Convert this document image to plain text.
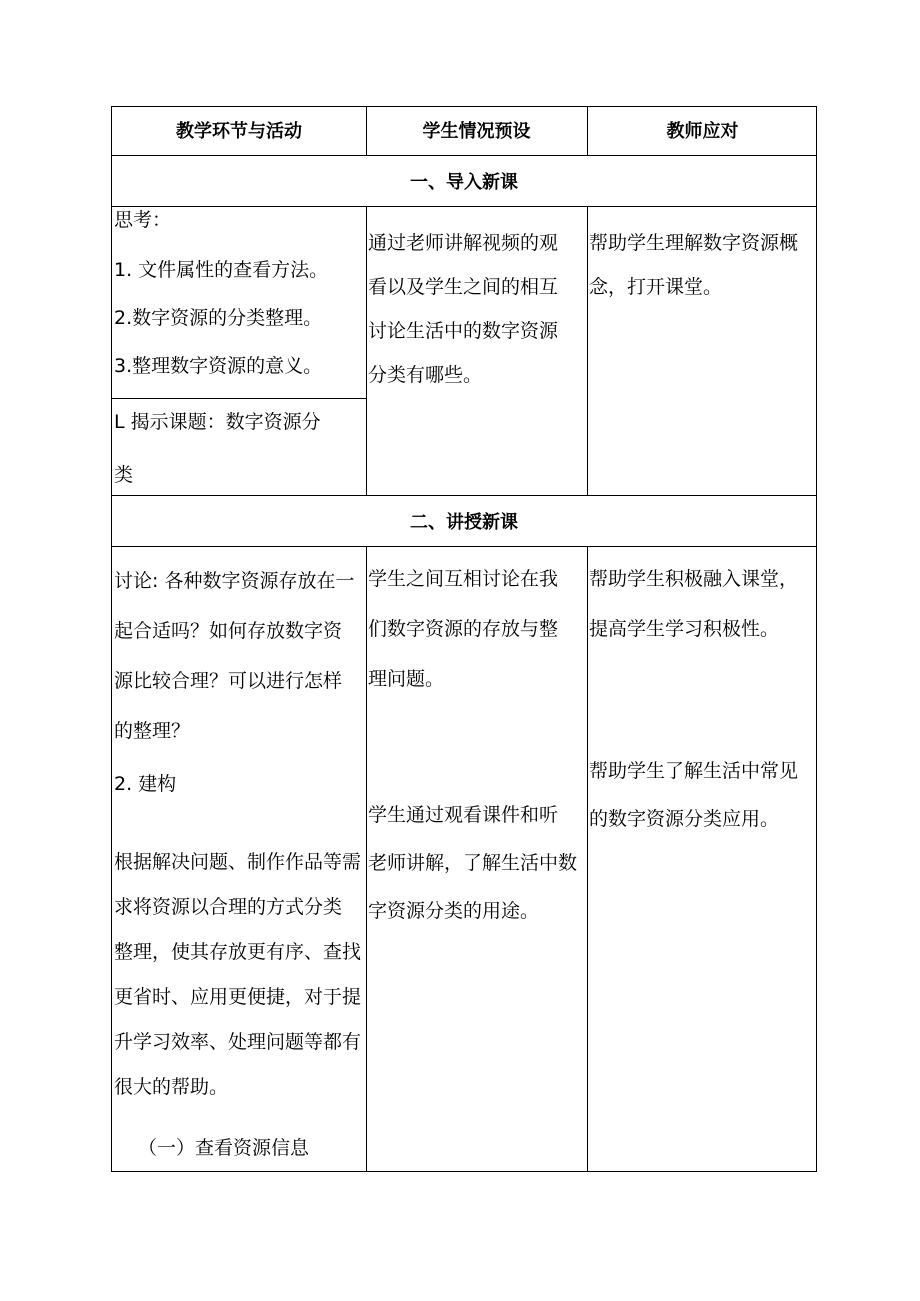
教学环节与活动	学生情况预设	教师应对
一、导入新课
思考：
1. 文件属性的查看方法。
2.数字资源的分类整理。
3.整理数字资源的意义。
L 揭示课题：数字资源分
类
通过老师讲解视频的观
看以及学生之间的相互
讨论生活中的数字资源
分类有哪些。
帮助学生理解数字资源概
念，打开课堂。
二、讲授新课
讨论: 各种数字资源存放在一
起合适吗？如何存放数字资
源比较合理？可以进行怎样
的整理？
2. 建构
根据解决问题、制作作品等需
求将资源以合理的方式分类
整理，使其存放更有序、查找
更省时、应用更便捷，对于提
升学习效率、处理问题等都有
很大的帮助。
（一）查看资源信息
学生之间互相讨论在我
们数字资源的存放与整
理问题。
学生通过观看课件和听
老师讲解，了解生活中数
字资源分类的用途。
帮助学生积极融入课堂，
提高学生学习积极性。
帮助学生了解生活中常见
的数字资源分类应用。
